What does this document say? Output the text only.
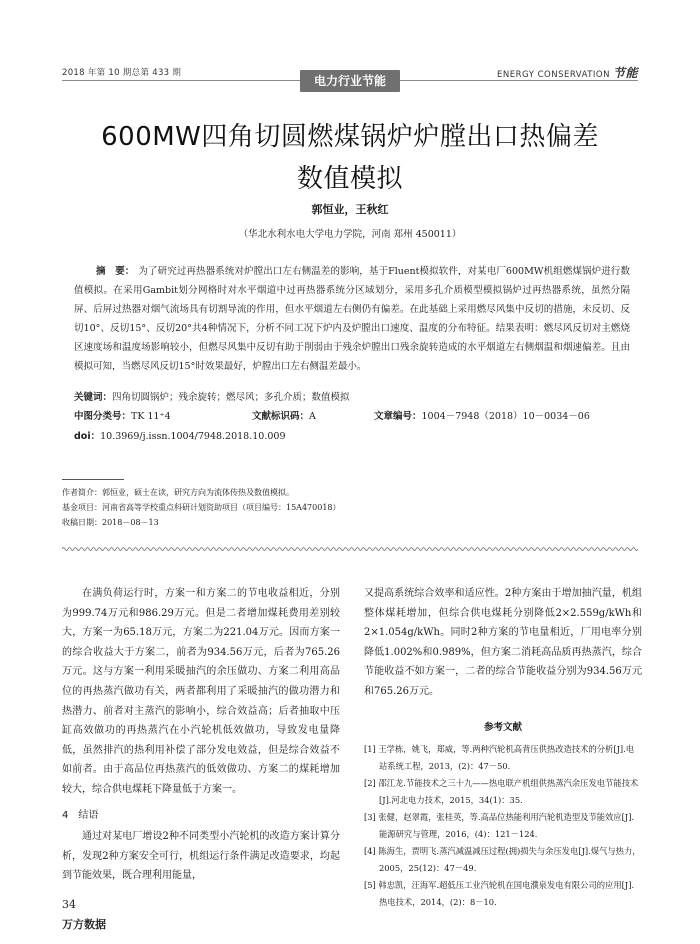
2018 年第 10 期总第 433 期	ENERGY CONSERVATION 节能
电力行业节能
600MW四角切圆燃煤锅炉炉膛出口热偏差
数值模拟
郭恒业，王秋红
（华北水利水电大学电力学院，河南 郑州 450011）
摘　要： 为了研究过再热器系统对炉膛出口左右侧温差的影响，基于Fluent模拟软件，对某电厂600MW机组燃煤锅炉进行数值模拟。在采用Gambit划分网格时对水平烟道中过再热器系统分区域划分，采用多孔介质模型模拟锅炉过再热器系统，虽然分隔屏、后屏过热器对烟气流场具有切割导流的作用，但水平烟道左右侧仍有偏差。在此基础上采用燃尽风集中反切的措施，未反切、反切10°、反切15°、反切20°共4种情况下，分析不同工况下炉内及炉膛出口速度、温度的分布特征。结果表明：燃尽风反切对主燃烧区速度场和温度场影响较小，但燃尽风集中反切有助于削弱由于残余炉膛出口残余旋转造成的水平烟道左右侧烟温和烟速偏差。且由模拟可知，当燃尽风反切15°时效果最好，炉膛出口左右侧温差最小。
关键词：四角切圆锅炉；残余旋转；燃尽风；多孔介质；数值模拟
中图分类号：TK 11⁺4	文献标识码：A	文章编号：1004－7948（2018）10－0034－06
doi：10.3969/j.issn.1004/7948.2018.10.009
作者简介：郭恒业，硕士在读，研究方向为流体传热及数值模拟。
基金项目：河南省高等学校重点科研计划资助项目（项目编号：15A470018）
收稿日期：2018－08－13

在满负荷运行时，方案一和方案二的节电收益相近，分别为999.74万元和986.29万元。但是二者增加煤耗费用差别较大，方案一为65.18万元，方案二为221.04万元。因而方案一的综合收益大于方案二，前者为934.56万元，后者为765.26万元。这与方案一利用采暖抽汽的余压做功、方案二利用高品位的再热蒸汽做功有关，两者都利用了采暖抽汽的做功潜力和热潜力、前者对主蒸汽的影响小，综合效益高；后者抽取中压缸高效做功的再热蒸汽在小汽轮机低效做功，导致发电量降低，虽然排汽的热利用补偿了部分发电效益，但是综合效益不如前者。由于高品位再热蒸汽的低效做功、方案二的煤耗增加较大，综合供电煤耗下降量低于方案一。

4　结语

通过对某电厂增设2种不同类型小汽轮机的改造方案计算分析，发现2种方案安全可行，机组运行条件满足改造要求，均起到节能效果，既合理利用能量，

又提高系统综合效率和适应性。2种方案由于增加抽汽量，机组整体煤耗增加，但综合供电煤耗分别降低2×2.559g/kWh和2×1.054g/kWh。同时2种方案的节电量相近，厂用电率分别降低1.002%和0.989%，但方案二消耗高品质再热蒸汽，综合节能收益不如方案一，二者的综合节能收益分别为934.56万元和765.26万元。

参考文献
[1] 王学栋，姚飞，郑威，等.两种汽轮机高背压供热改造技术的分析[J].电站系统工程，2013，(2)：47－50.
[2] 邵江龙.节能技术之三十九——热电联产机组供热蒸汽余压发电节能技术[J].河北电力技术，2015，34(1)：35.
[3] 张健，赵翠霞，张桂英，等.高品位热能利用汽轮机造型及节能效应[J].能源研究与管理，2016，(4)：121－124.
[4] 陈海生，贾明飞.蒸汽减温减压过程(拥)损失与余压发电[J].煤气与热力，2005，25(12)：47－49.
[5] 韩忠凯，汪海军.超低压工业汽轮机在国电濮泉发电有限公司的应用[J].热电技术，2014，(2)：8－10.
34
万方数据
